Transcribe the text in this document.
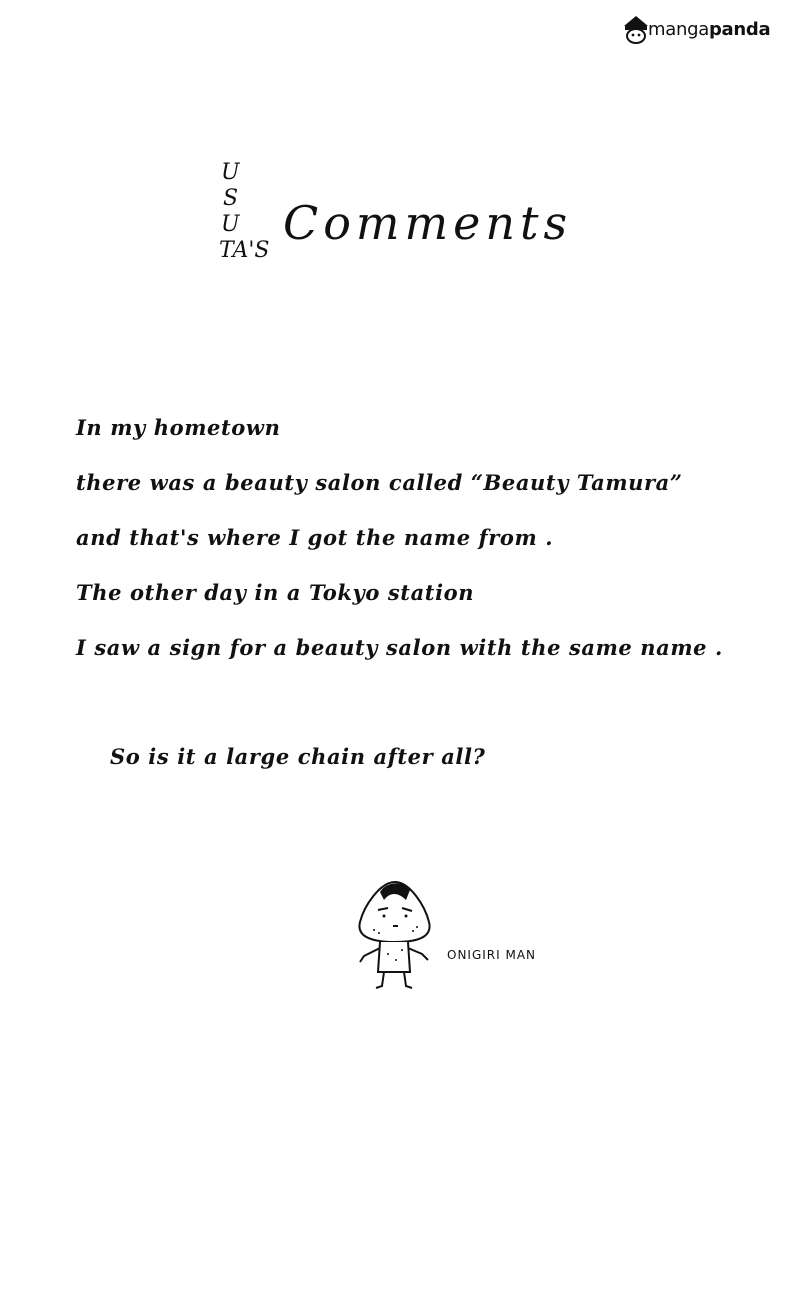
mangapanda
U
S
U
TA'S
Comments
In my hometown
there was a beauty salon called “Beauty Tamura”
and that's where I got the name from .
The other day in a Tokyo station
I saw a sign for a beauty salon with the same name .
So is it a large chain after all?
ONIGIRI MAN
